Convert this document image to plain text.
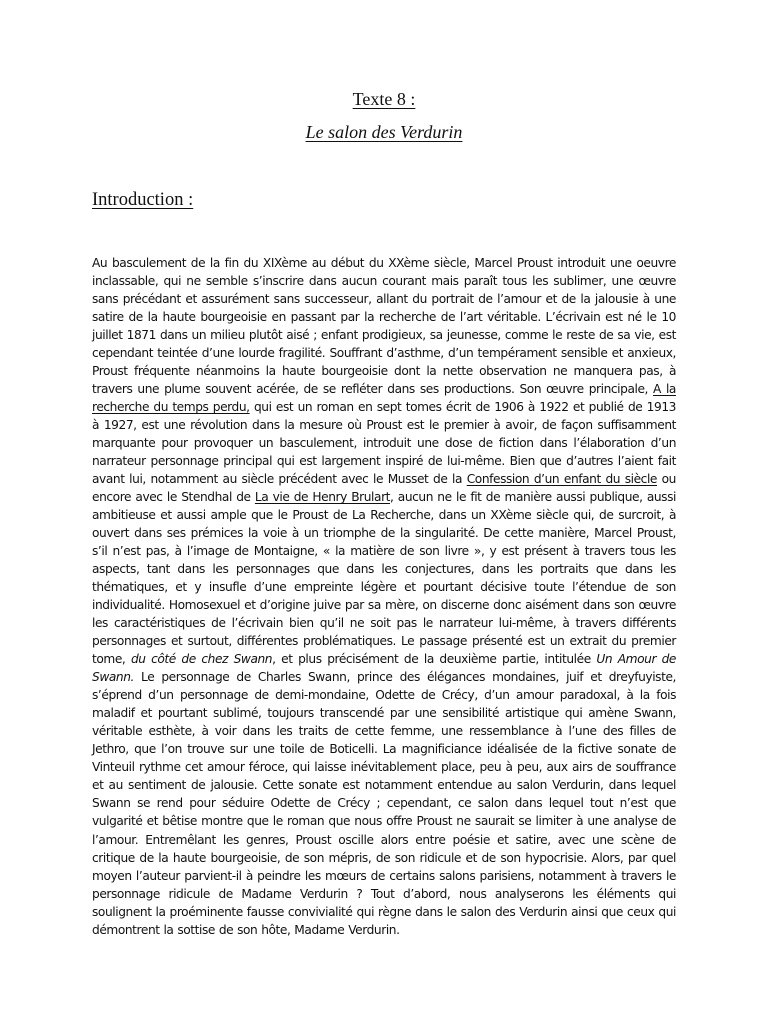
Texte 8 :
Le salon des Verdurin
Introduction :
Au basculement de la fin du XIXème au début du XXème siècle, Marcel Proust introduit une oeuvre inclassable, qui ne semble s’inscrire dans aucun courant mais paraît tous les sublimer, une œuvre sans précédant et assurément sans successeur, allant du portrait de l’amour et de la jalousie à une satire de la haute bourgeoisie en passant par la recherche de l’art véritable. L’écrivain est né le 10 juillet 1871 dans un milieu plutôt aisé ; enfant prodigieux, sa jeunesse, comme le reste de sa vie, est cependant teintée d’une lourde fragilité. Souffrant d’asthme, d’un tempérament sensible et anxieux, Proust fréquente néanmoins la haute bourgeoisie dont la nette observation ne manquera pas, à travers une plume souvent acérée, de se refléter dans ses productions. Son œuvre principale, A la recherche du temps perdu, qui est un roman en sept tomes écrit de 1906 à 1922 et publié de 1913 à 1927, est une révolution dans la mesure où Proust est le premier à avoir, de façon suffisamment marquante pour provoquer un basculement, introduit une dose de fiction dans l’élaboration d’un narrateur personnage principal qui est largement inspiré de lui-même. Bien que d’autres l’aient fait avant lui, notamment au siècle précédent avec le Musset de la Confession d’un enfant du siècle ou encore avec le Stendhal de La vie de Henry Brulart, aucun ne le fit de manière aussi publique, aussi ambitieuse et aussi ample que le Proust de La Recherche, dans un XXème siècle qui, de surcroit, à ouvert dans ses prémices la voie à un triomphe de la singularité. De cette manière, Marcel Proust, s’il n’est pas, à l’image de Montaigne, « la matière de son livre », y est présent à travers tous les aspects, tant dans les personnages que dans les conjectures, dans les portraits que dans les thématiques, et y insufle d’une empreinte légère et pourtant décisive toute l’étendue de son individualité. Homosexuel et d’origine juive par sa mère, on discerne donc aisément dans son œuvre les caractéristiques de l’écrivain bien qu’il ne soit pas le narrateur lui-même, à travers différents personnages et surtout, différentes problématiques. Le passage présenté est un extrait du premier tome, du côté de chez Swann, et plus précisément de la deuxième partie, intitulée Un Amour de Swann. Le personnage de Charles Swann, prince des élégances mondaines, juif et dreyfuyiste, s’éprend d’un personnage de demi-mondaine, Odette de Crécy, d’un amour paradoxal, à la fois maladif et pourtant sublimé, toujours transcendé par une sensibilité artistique qui amène Swann, véritable esthète, à voir dans les traits de cette femme, une ressemblance à l’une des filles de Jethro, que l’on trouve sur une toile de Boticelli. La magnificiance idéalisée de la fictive sonate de Vinteuil rythme cet amour féroce, qui laisse inévitablement place, peu à peu, aux airs de souffrance et au sentiment de jalousie. Cette sonate est notamment entendue au salon Verdurin, dans lequel Swann se rend pour séduire Odette de Crécy ; cependant, ce salon dans lequel tout n’est que vulgarité et bêtise montre que le roman que nous offre Proust ne saurait se limiter à une analyse de l’amour. Entremêlant les genres, Proust oscille alors entre poésie et satire, avec une scène de critique de la haute bourgeoisie, de son mépris, de son ridicule et de son hypocrisie. Alors, par quel moyen l’auteur parvient-il à peindre les mœurs de certains salons parisiens, notamment à travers le personnage ridicule de Madame Verdurin ? Tout d’abord, nous analyserons les éléments qui soulignent la proéminente fausse convivialité qui règne dans le salon des Verdurin ainsi que ceux qui démontrent la sottise de son hôte, Madame Verdurin.
